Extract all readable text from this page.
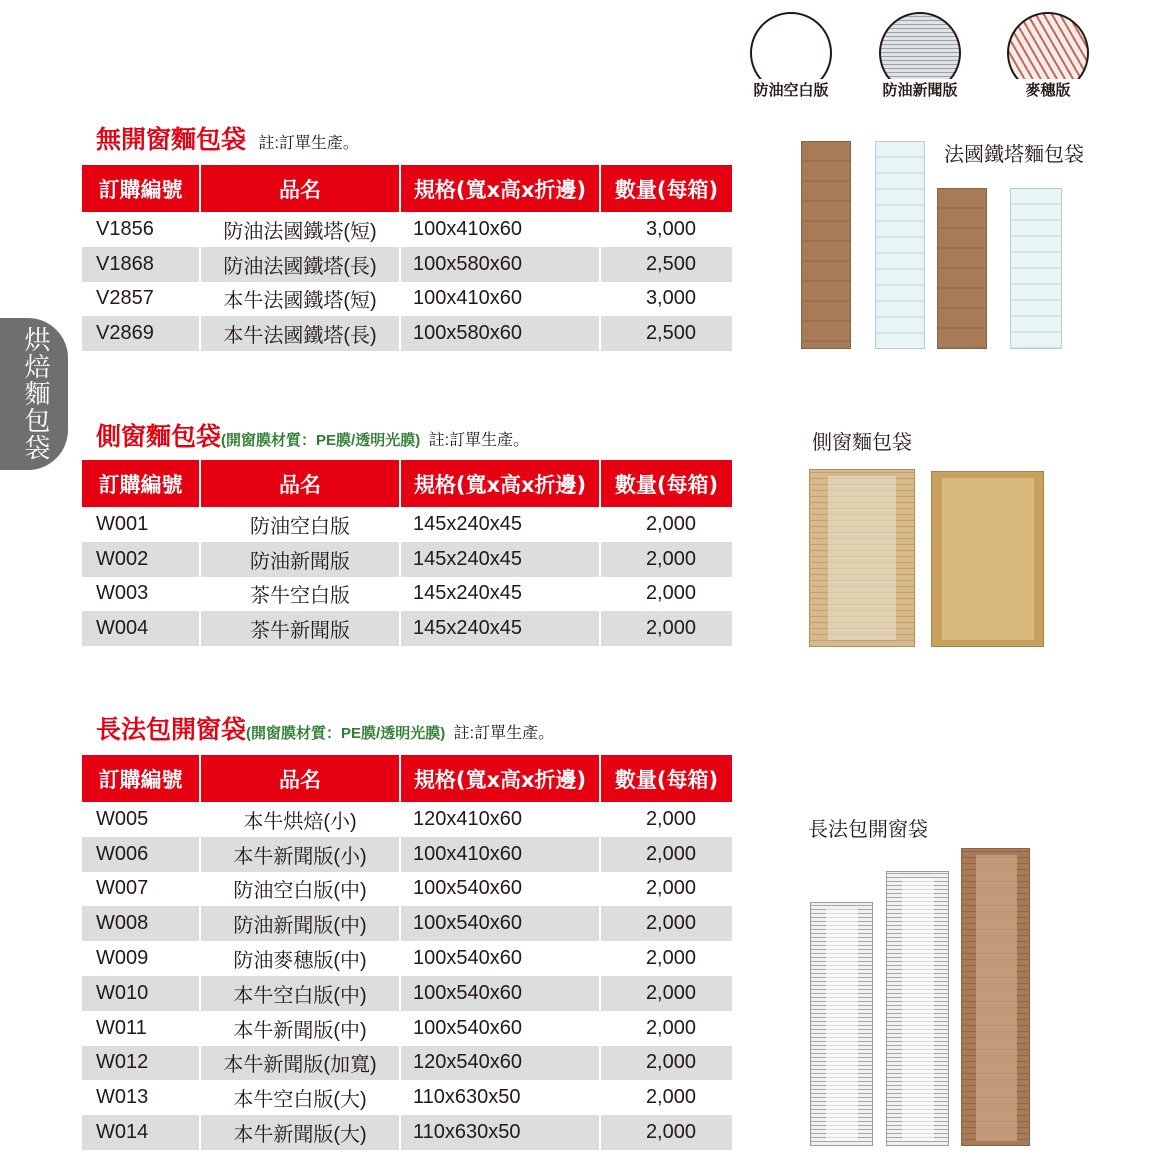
烘焙麵包袋
防油空白版	防油新聞版	麥穗版
無開窗麵包袋 註:訂單生產。
訂購編號	品名	規格(寬x高x折邊)	數量(每箱)
V1856	防油法國鐵塔(短)	100x410x60	3,000
V1868	防油法國鐵塔(長)	100x580x60	2,500
V2857	本牛法國鐵塔(短)	100x410x60	3,000
V2869	本牛法國鐵塔(長)	100x580x60	2,500
側窗麵包袋(開窗膜材質：PE膜/透明光膜) 註:訂單生產。
訂購編號	品名	規格(寬x高x折邊)	數量(每箱)
W001	防油空白版	145x240x45	2,000
W002	防油新聞版	145x240x45	2,000
W003	茶牛空白版	145x240x45	2,000
W004	茶牛新聞版	145x240x45	2,000
長法包開窗袋(開窗膜材質：PE膜/透明光膜) 註:訂單生產。
訂購編號	品名	規格(寬x高x折邊)	數量(每箱)
W005	本牛烘焙(小)	120x410x60	2,000
W006	本牛新聞版(小)	100x410x60	2,000
W007	防油空白版(中)	100x540x60	2,000
W008	防油新聞版(中)	100x540x60	2,000
W009	防油麥穗版(中)	100x540x60	2,000
W010	本牛空白版(中)	100x540x60	2,000
W011	本牛新聞版(中)	100x540x60	2,000
W012	本牛新聞版(加寬)	120x540x60	2,000
W013	本牛空白版(大)	110x630x50	2,000
W014	本牛新聞版(大)	110x630x50	2,000
法國鐵塔麵包袋
側窗麵包袋
長法包開窗袋
